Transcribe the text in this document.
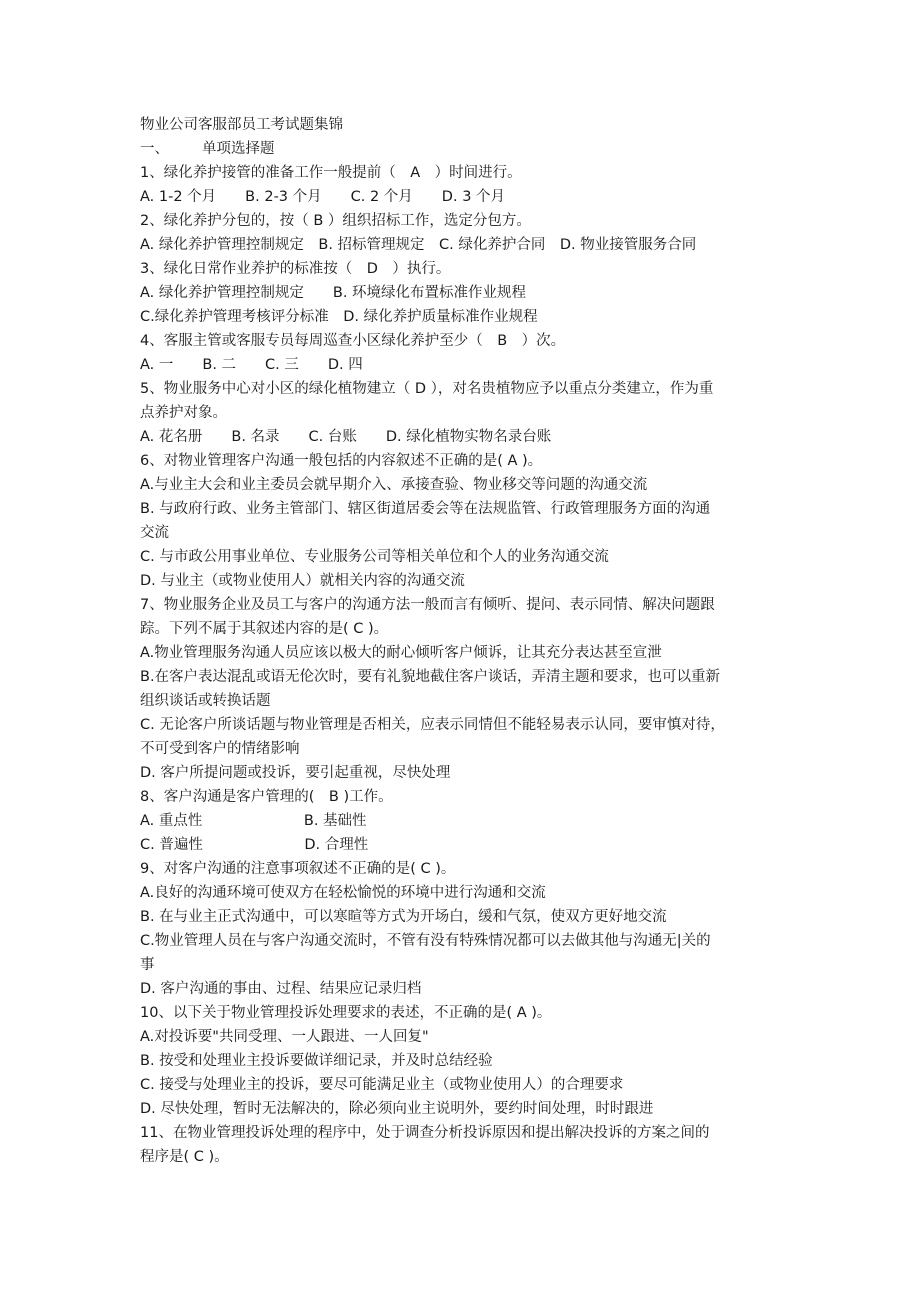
物业公司客服部员工考试题集锦
一、 单项选择题
1、绿化养护接管的准备工作一般提前（　A　）时间进行。
A. 1-2 个月　　B. 2-3 个月　　C. 2 个月　　D. 3 个月
2、绿化养护分包的，按（ B ）组织招标工作，选定分包方。
A. 绿化养护管理控制规定　B. 招标管理规定　C. 绿化养护合同　D. 物业接管服务合同
3、绿化日常作业养护的标准按（　D　）执行。
A. 绿化养护管理控制规定　　B. 环境绿化布置标准作业规程
C.绿化养护管理考核评分标准　D. 绿化养护质量标准作业规程
4、客服主管或客服专员每周巡查小区绿化养护至少（　B　）次。
A. 一　　B. 二　　C. 三　　D. 四
5、物业服务中心对小区的绿化植物建立（ D ），对名贵植物应予以重点分类建立，作为重
点养护对象。
A. 花名册　　B. 名录　　C. 台账　　D. 绿化植物实物名录台账
6、对物业管理客户沟通一般包括的内容叙述不正确的是( A )。
A.与业主大会和业主委员会就早期介入、承接查验、物业移交等问题的沟通交流
B. 与政府行政、业务主管部门、辖区街道居委会等在法规监管、行政管理服务方面的沟通
交流
C. 与市政公用事业单位、专业服务公司等相关单位和个人的业务沟通交流
D. 与业主（或物业使用人）就相关内容的沟通交流
7、物业服务企业及员工与客户的沟通方法一般而言有倾听、提问、表示同情、解决问题跟
踪。下列不属于其叙述内容的是( C )。
A.物业管理服务沟通人员应该以极大的耐心倾听客户倾诉，让其充分表达甚至宣泄
B.在客户表达混乱或语无伦次时，要有礼貌地截住客户谈话，弄清主题和要求，也可以重新
组织谈话或转换话题
C. 无论客户所谈话题与物业管理是否相关，应表示同情但不能轻易表示认同，要审慎对待，
不可受到客户的情绪影响
D. 客户所提问题或投诉，要引起重视，尽快处理
8、客户沟通是客户管理的(　B )工作。
A. 重点性　　　　　　　B. 基础性
C. 普遍性　　　　　　　D. 合理性
9、对客户沟通的注意事项叙述不正确的是( C )。
A.良好的沟通环境可使双方在轻松愉悦的环境中进行沟通和交流
B. 在与业主正式沟通中，可以寒暄等方式为开场白，缓和气氛，使双方更好地交流
C.物业管理人员在与客户沟通交流时，不管有没有特殊情况都可以去做其他与沟通无|关的
事
D. 客户沟通的事由、过程、结果应记录归档
10、以下关于物业管理投诉处理要求的表述，不正确的是( A )。
A.对投诉要"共同受理、一人跟进、一人回复"
B. 按受和处理业主投诉要做详细记录，并及时总结经验
C. 接受与处理业主的投诉，要尽可能满足业主（或物业使用人）的合理要求
D. 尽快处理，暂时无法解决的，除必须向业主说明外，要约时间处理，时时跟进
11、在物业管理投诉处理的程序中，处于调查分析投诉原因和提出解决投诉的方案之间的
程序是( C )。
